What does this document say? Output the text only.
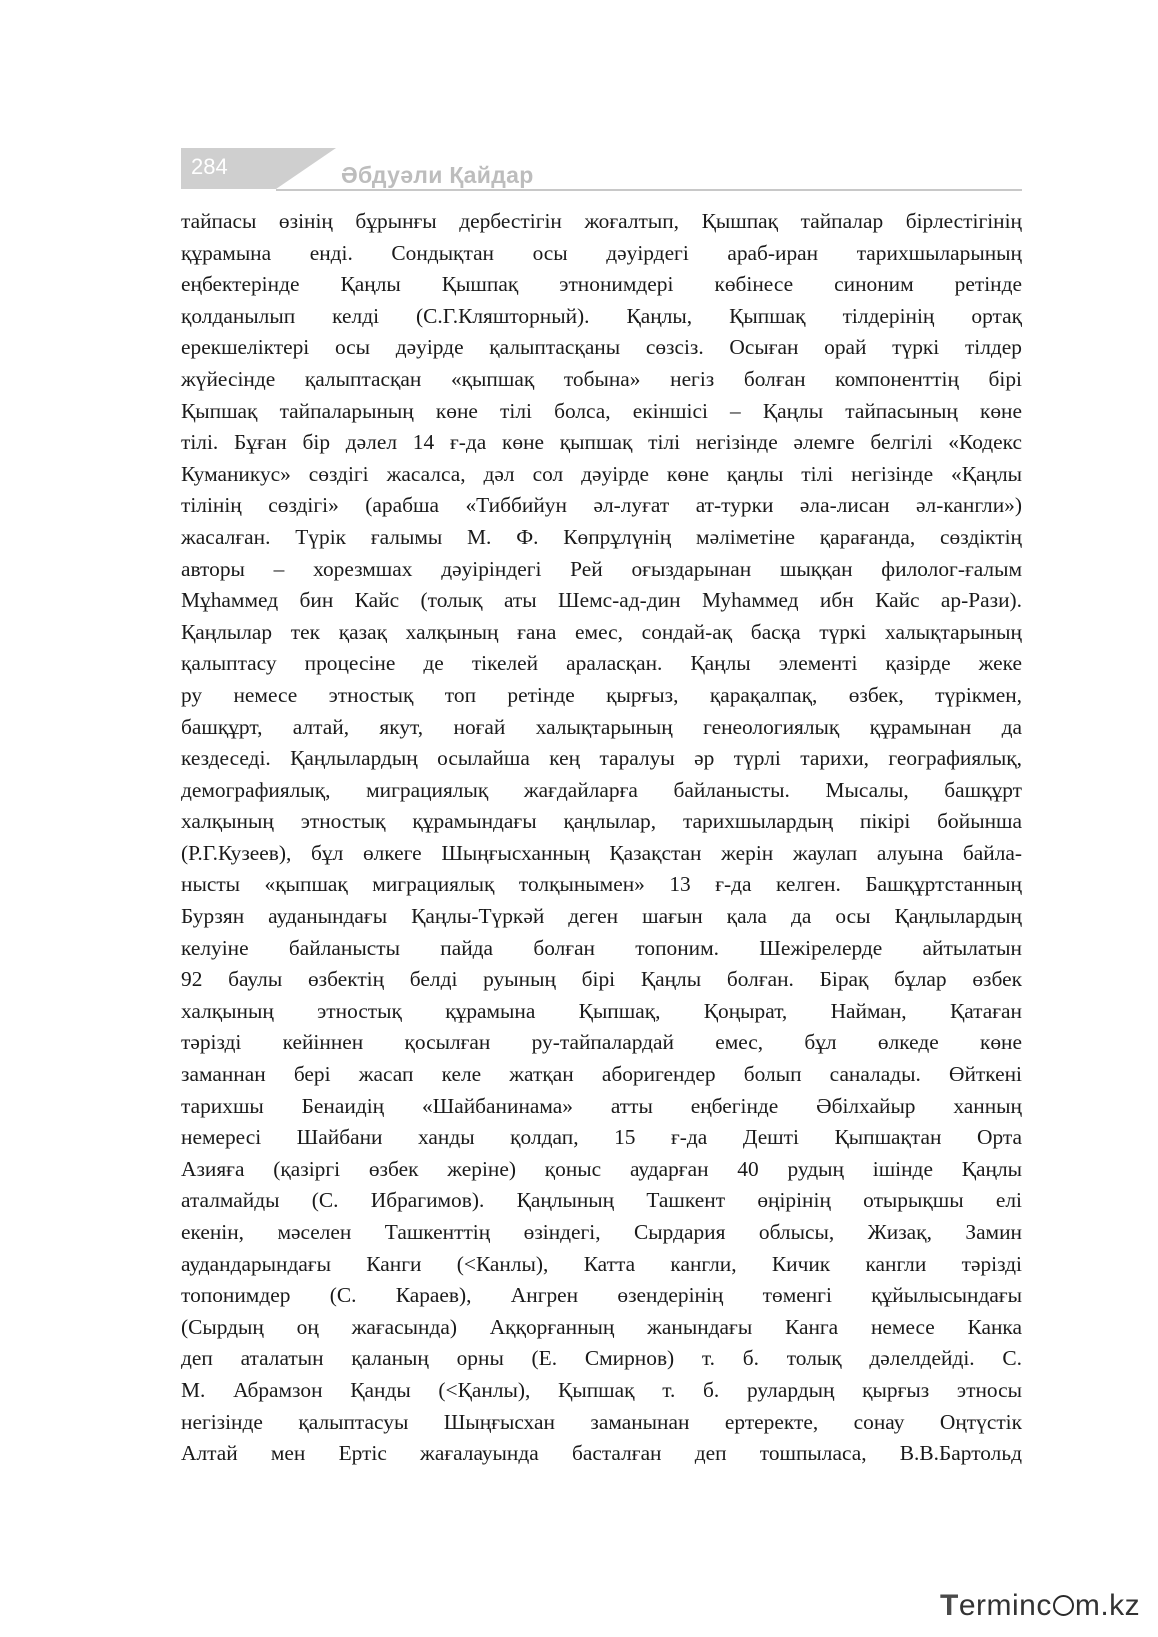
284	Әбдуәли Қайдар
тайпасы өзінің бұрынғы дербестігін жоғалтып, Қышпақ тайпалар бірлестігінің
құрамына енді. Сондықтан осы дәуірдегі араб-иран тарихшыларының
еңбектерінде Қаңлы Қышпақ этнонимдері көбінесе синоним ретінде
қолданылып келді (С.Г.Кляшторный). Қаңлы, Қыпшақ тілдерінің ортақ
ерекшеліктері осы дәуірде қалыптасқаны сөзсіз. Осыған орай түркі тілдер
жүйесінде қалыптасқан «қыпшақ тобына» негіз болған компоненттің бірі
Қыпшақ тайпаларының көне тілі болса, екіншісі – Қаңлы тайпасының көне
тілі. Бұған бір дәлел 14 ғ-да көне қыпшақ тілі негізінде әлемге белгілі «Кодекс
Куманикус» сөздігі жасалса, дәл сол дәуірде көне қаңлы тілі негізінде «Қаңлы
тілінің сөздігі» (арабша «Тиббийун әл-луғат ат-турки әла-лисан әл-кангли»)
жасалған. Түрік ғалымы М. Ф. Көпрұлүнің мәліметіне қарағанда, сөздіктің
авторы – хорезмшах дәуіріндегі Рей оғыздарынан шыққан филолог-ғалым
Мұһаммед бин Кайс (толық аты Шемс-ад-дин Муһаммед ибн Кайс ар-Рази).
Қаңлылар тек қазақ халқының ғана емес, сондай-ақ басқа түркі халықтарының
қалыптасу процесіне де тікелей араласқан. Қаңлы элементі қазірде жеке
ру немесе этностық топ ретінде қырғыз, қарақалпақ, өзбек, түрікмен,
башқұрт, алтай, якут, ноғай халықтарының генеологиялық құрамынан да
кездеседі. Қаңлылардың осылайша кең таралуы әр түрлі тарихи, географиялық,
демографиялық, миграциялық жағдайларға байланысты. Мысалы, башқұрт
халқының этностық құрамындағы қаңлылар, тарихшылардың пікірі бойынша
(Р.Г.Кузеев), бұл өлкеге Шыңғысханның Қазақстан жерін жаулап алуына байла-
нысты «қыпшақ миграциялық толқынымен» 13 ғ-да келген. Башқұртстанның
Бурзян ауданындағы Қаңлы-Түркәй деген шағын қала да осы Қаңлылардың
келуіне байланысты пайда болған топоним. Шежірелерде айтылатын
92 баулы өзбектің белді руының бірі Қаңлы болған. Бірақ бұлар өзбек
халқының этностық құрамына Қыпшақ, Қоңырат, Найман, Қатаған
тәрізді кейіннен қосылған ру-тайпалардай емес, бұл өлкеде көне
заманнан бері жасап келе жатқан аборигендер болып саналады. Өйткені
тарихшы Бенаидің «Шайбанинама» атты еңбегінде Әбілхайыр ханның
немересі Шайбани ханды қолдап, 15 ғ-да Дешті Қыпшақтан Орта
Азияға (қазіргі өзбек жеріне) қоныс аударған 40 рудың ішінде Қаңлы
аталмайды (С. Ибрагимов). Қаңлының Ташкент өңірінің отырықшы елі
екенін, мәселен Ташкенттің өзіндегі, Сырдария облысы, Жизақ, Замин
аудандарындағы Канги (<Канлы), Катта кангли, Кичик кангли тәрізді
топонимдер (С. Караев), Ангрен өзендерінің төменгі құйылысындағы
(Сырдың оң жағасында) Аққорғанның жанындағы Канга немесе Канка
деп аталатын қаланың орны (Е. Смирнов) т. б. толық дәлелдейді. С.
М. Абрамзон Қанды (<Қанлы), Қыпшақ т. б. рулардың қырғыз этносы
негізінде қалыптасуы Шыңғысхан заманынан ертеректе, сонау Оңтүстік
Алтай мен Ертіс жағалауында басталған деп тошпыласа, В.В.Бартольд
Terminc m.kz
